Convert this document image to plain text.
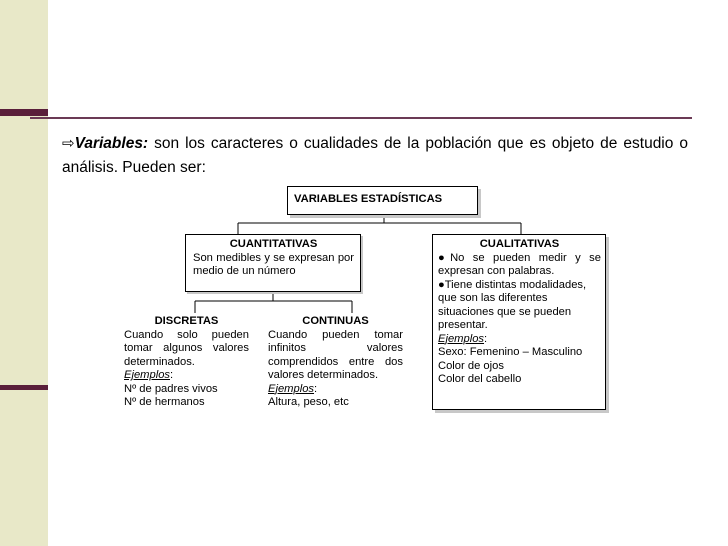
⇨Variables: son los caracteres o cualidades de la población que es objeto de estudio o análisis. Pueden ser:
VARIABLES ESTADÍSTICAS
CUANTITATIVAS
Son medibles y se expresan por medio de un número
CUALITATIVAS
●No se pueden medir y se expresan con palabras.
●Tiene distintas modalidades, que son las diferentes situaciones que se pueden presentar.
Ejemplos:
Sexo: Femenino – Masculino
Color de ojos
Color del cabello
DISCRETAS
Cuando solo pueden tomar algunos valores determinados.
Ejemplos:
Nº de padres vivos
Nº de hermanos
CONTINUAS
Cuando pueden tomar infinitos valores comprendidos entre dos valores determinados.
Ejemplos:
Altura, peso, etc
